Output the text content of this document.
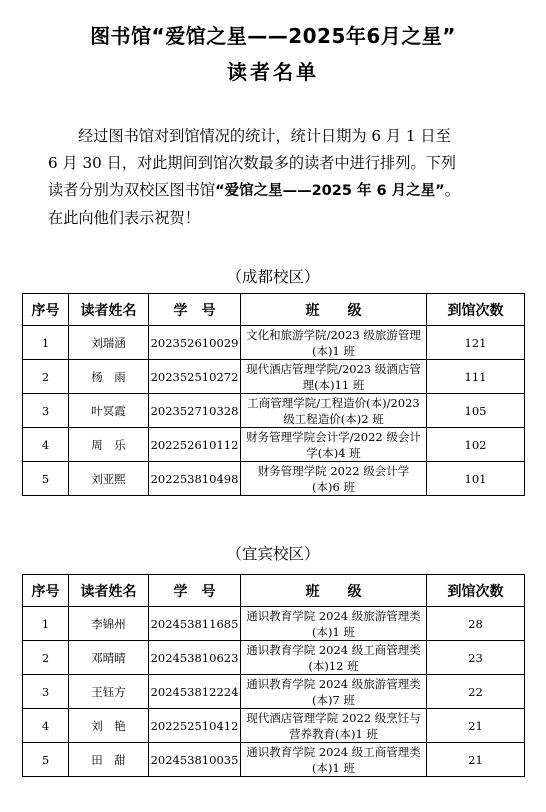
图书馆“爱馆之星——2025年6月之星”
读者名单
经过图书馆对到馆情况的统计，统计日期为 6 月 1 日至
6 月 30 日，对此期间到馆次数最多的读者中进行排列。下列
读者分别为双校区图书馆“爱馆之星——2025 年 6 月之星”。
在此向他们表示祝贺！
（成都校区）
序号	读者姓名	学　号	班　　级	到馆次数
1	刘瑞涵	202352610029	文化和旅游学院/2023 级旅游管理(本)1 班	121
2	杨　雨	202352510272	现代酒店管理学院/2023 级酒店管理(本)11 班	111
3	叶冥霞	202352710328	工商管理学院/工程造价(本)/2023 级工程造价(本)2 班	105
4	周　乐	202252610112	财务管理学院会计学/2022 级会计学(本)4 班	102
5	刘亚熙	202253810498	财务管理学院 2022 级会计学(本)6 班	101
（宜宾校区）
序号	读者姓名	学　号	班　　级	到馆次数
1	李锦州	202453811685	通识教育学院 2024 级旅游管理类(本)1 班	28
2	邓晴晴	202453810623	通识教育学院 2024 级工商管理类(本)12 班	23
3	王钰方	202453812224	通识教育学院 2024 级旅游管理类(本)7 班	22
4	刘　艳	202252510412	现代酒店管理学院 2022 级烹饪与营养教育(本)1 班	21
5	田　甜	202453810035	通识教育学院 2024 级工商管理类(本)1 班	21
